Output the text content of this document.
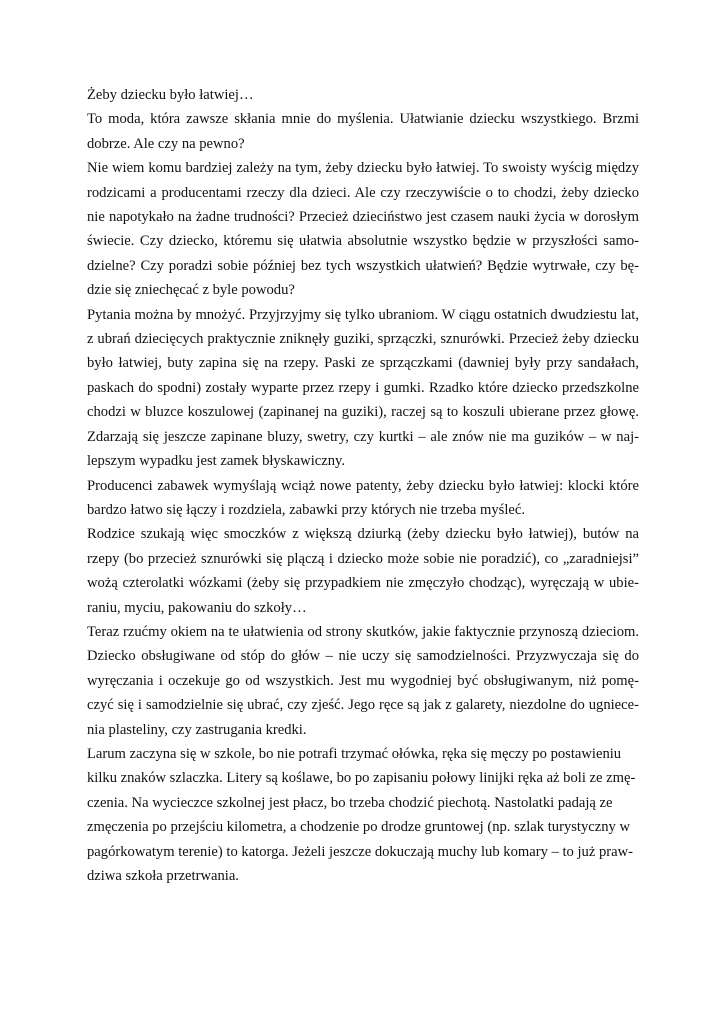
Żeby dziecku było łatwiej…

To moda, która zawsze skłania mnie do myślenia. Ułatwianie dziecku wszystkiego. Brzmi dobrze. Ale czy na pewno?

Nie wiem komu bardziej zależy na tym, żeby dziecku było łatwiej. To swoisty wyścig między rodzicami a producentami rzeczy dla dzieci. Ale czy rzeczywiście o to chodzi, żeby dziecko nie napotykało na żadne trudności? Przecież dzieciństwo jest czasem nauki życia w dorosłym świecie. Czy dziecko, któremu się ułatwia absolutnie wszystko będzie w przyszłości samodzielne? Czy poradzi sobie później bez tych wszystkich ułatwień? Będzie wytrwałe, czy będzie się zniechęcać z byle powodu?

Pytania można by mnożyć. Przyjrzyjmy się tylko ubraniom. W ciągu ostatnich dwudziestu lat, z ubrań dziecięcych praktycznie zniknęły guziki, sprzączki, sznurówki. Przecież żeby dziecku było łatwiej, buty zapina się na rzepy. Paski ze sprzączkami (dawniej były przy sandałach, paskach do spodni) zostały wyparte przez rzepy i gumki. Rzadko które dziecko przedszkolne chodzi w bluzce koszulowej (zapinanej na guziki), raczej są to koszuli ubierane przez głowę. Zdarzają się jeszcze zapinane bluzy, swetry, czy kurtki – ale znów nie ma guzików – w najlepszym wypadku jest zamek błyskawiczny.

Producenci zabawek wymyślają wciąż nowe patenty, żeby dziecku było łatwiej: klocki które bardzo łatwo się łączy i rozdziela, zabawki przy których nie trzeba myśleć.

Rodzice szukają więc smoczków z większą dziurką (żeby dziecku było łatwiej), butów na rzepy (bo przecież sznurówki się plączą i dziecko może sobie nie poradzić), co „zaradniejsi” wożą czterolatki wózkami (żeby się przypadkiem nie zmęczyło chodząc), wyręczają w ubieraniu, myciu, pakowaniu do szkoły…

Teraz rzućmy okiem na te ułatwienia od strony skutków, jakie faktycznie przynoszą dzieciom. Dziecko obsługiwane od stóp do głów – nie uczy się samodzielności. Przyzwyczaja się do wyręczania i oczekuje go od wszystkich. Jest mu wygodniej być obsługiwanym, niż pomęczyć się i samodzielnie się ubrać, czy zjeść. Jego ręce są jak z galarety, niezdolne do ugniecenia plasteliny, czy zastrugania kredki.

Larum zaczyna się w szkole, bo nie potrafi trzymać ołówka, ręka się męczy po postawieniu kilku znaków szlaczka. Litery są koślawe, bo po zapisaniu połowy linijki ręka aż boli ze zmęczenia. Na wycieczce szkolnej jest płacz, bo trzeba chodzić piechotą. Nastolatki padają ze zmęczenia po przejściu kilometra, a chodzenie po drodze gruntowej (np. szlak turystyczny w pagórkowatym terenie) to katorga. Jeżeli jeszcze dokuczają muchy lub komary – to już prawdziwa szkoła przetrwania.
